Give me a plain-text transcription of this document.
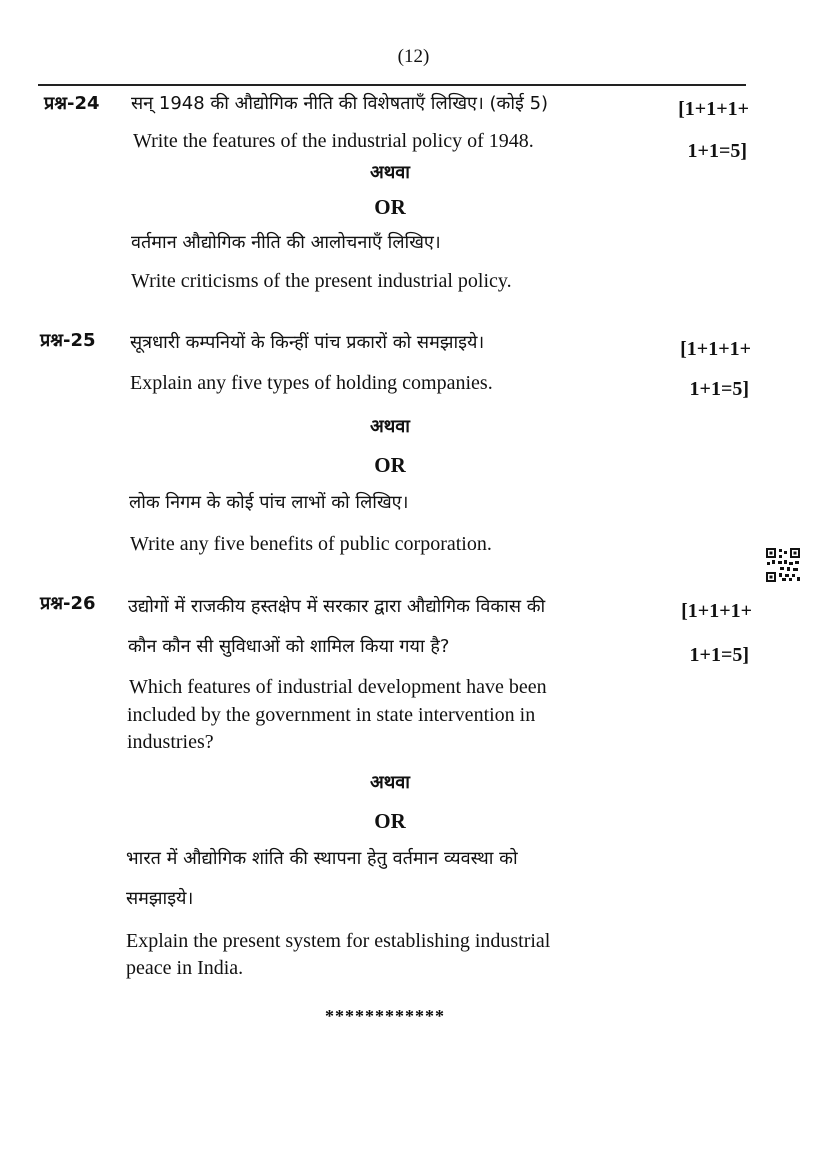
(12)
प्रश्न-24 सन् 1948 की औद्योगिक नीति की विशेषताएँ लिखिए। (कोई 5)	[1+1+1+
Write the features of the industrial policy of 1948.	1+1=5]
अथवा
OR
वर्तमान औद्योगिक नीति की आलोचनाएँ लिखिए।
Write criticisms of the present industrial policy.
प्रश्न-25 सूत्रधारी कम्पनियों के किन्हीं पांच प्रकारों को समझाइये।	[1+1+1+
Explain any five types of holding companies.	1+1=5]
अथवा
OR
लोक निगम के कोई पांच लाभों को लिखिए।
Write any five benefits of public corporation.
प्रश्न-26 उद्योगों में राजकीय हस्तक्षेप में सरकार द्वारा औद्योगिक विकास की	[1+1+1+
कौन कौन सी सुविधाओं को शामिल किया गया है?	1+1=5]
Which features of industrial development have been
included by the government in state intervention in
industries?
अथवा
OR
भारत में औद्योगिक शांति की स्थापना हेतु वर्तमान व्यवस्था को
समझाइये।
Explain the present system for establishing industrial
peace in India.
************
